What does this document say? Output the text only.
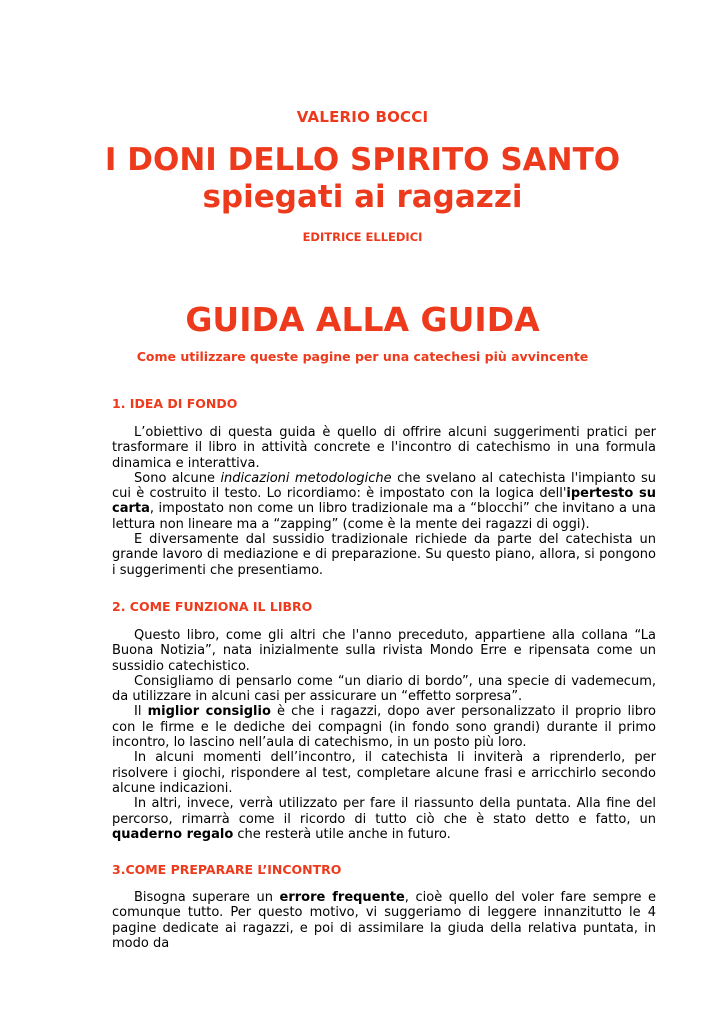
VALERIO BOCCI
I DONI DELLO SPIRITO SANTO
spiegati ai ragazzi
EDITRICE ELLEDICI
GUIDA ALLA GUIDA
Come utilizzare queste pagine per una catechesi più avvincente
1. IDEA DI FONDO

L’obiettivo di questa guida è quello di offrire alcuni suggerimenti pratici per trasformare il libro in attività concrete e l'incontro di catechismo in una formula dinamica e interattiva.

Sono alcune indicazioni metodologiche che svelano al catechista l'impianto su cui è costruito il testo. Lo ricordiamo: è impostato con la logica dell'ipertesto su carta, impostato non come un libro tradizionale ma a “blocchi” che invitano a una lettura non lineare ma a “zapping” (come è la mente dei ragazzi di oggi).

E diversamente dal sussidio tradizionale richiede da parte del catechista un grande lavoro di mediazione e di preparazione. Su questo piano, allora, si pongono i suggerimenti che presentiamo.

2. COME FUNZIONA IL LIBRO

Questo libro, come gli altri che l'anno preceduto, appartiene alla collana “La Buona Notizia”, nata inizialmente sulla rivista Mondo Erre e ripensata come un sussidio catechistico.

Consigliamo di pensarlo come “un diario di bordo”, una specie di vademecum, da utilizzare in alcuni casi per assicurare un “effetto sorpresa”.

Il miglior consiglio è che i ragazzi, dopo aver personalizzato il proprio libro con le firme e le dediche dei compagni (in fondo sono grandi) durante il primo incontro, lo lascino nell’aula di catechismo, in un posto più loro.

In alcuni momenti dell’incontro, il catechista li inviterà a riprenderlo, per risolvere i giochi, rispondere al test, completare alcune frasi e arricchirlo secondo alcune indicazioni.

In altri, invece, verrà utilizzato per fare il riassunto della puntata. Alla fine del percorso, rimarrà come il ricordo di tutto ciò che è stato detto e fatto, un quaderno regalo che resterà utile anche in futuro.

3.COME PREPARARE L’INCONTRO

Bisogna superare un errore frequente, cioè quello del voler fare sempre e comunque tutto. Per questo motivo, vi suggeriamo di leggere innanzitutto le 4 pagine dedicate ai ragazzi, e poi di assimilare la giuda della relativa puntata, in modo da
